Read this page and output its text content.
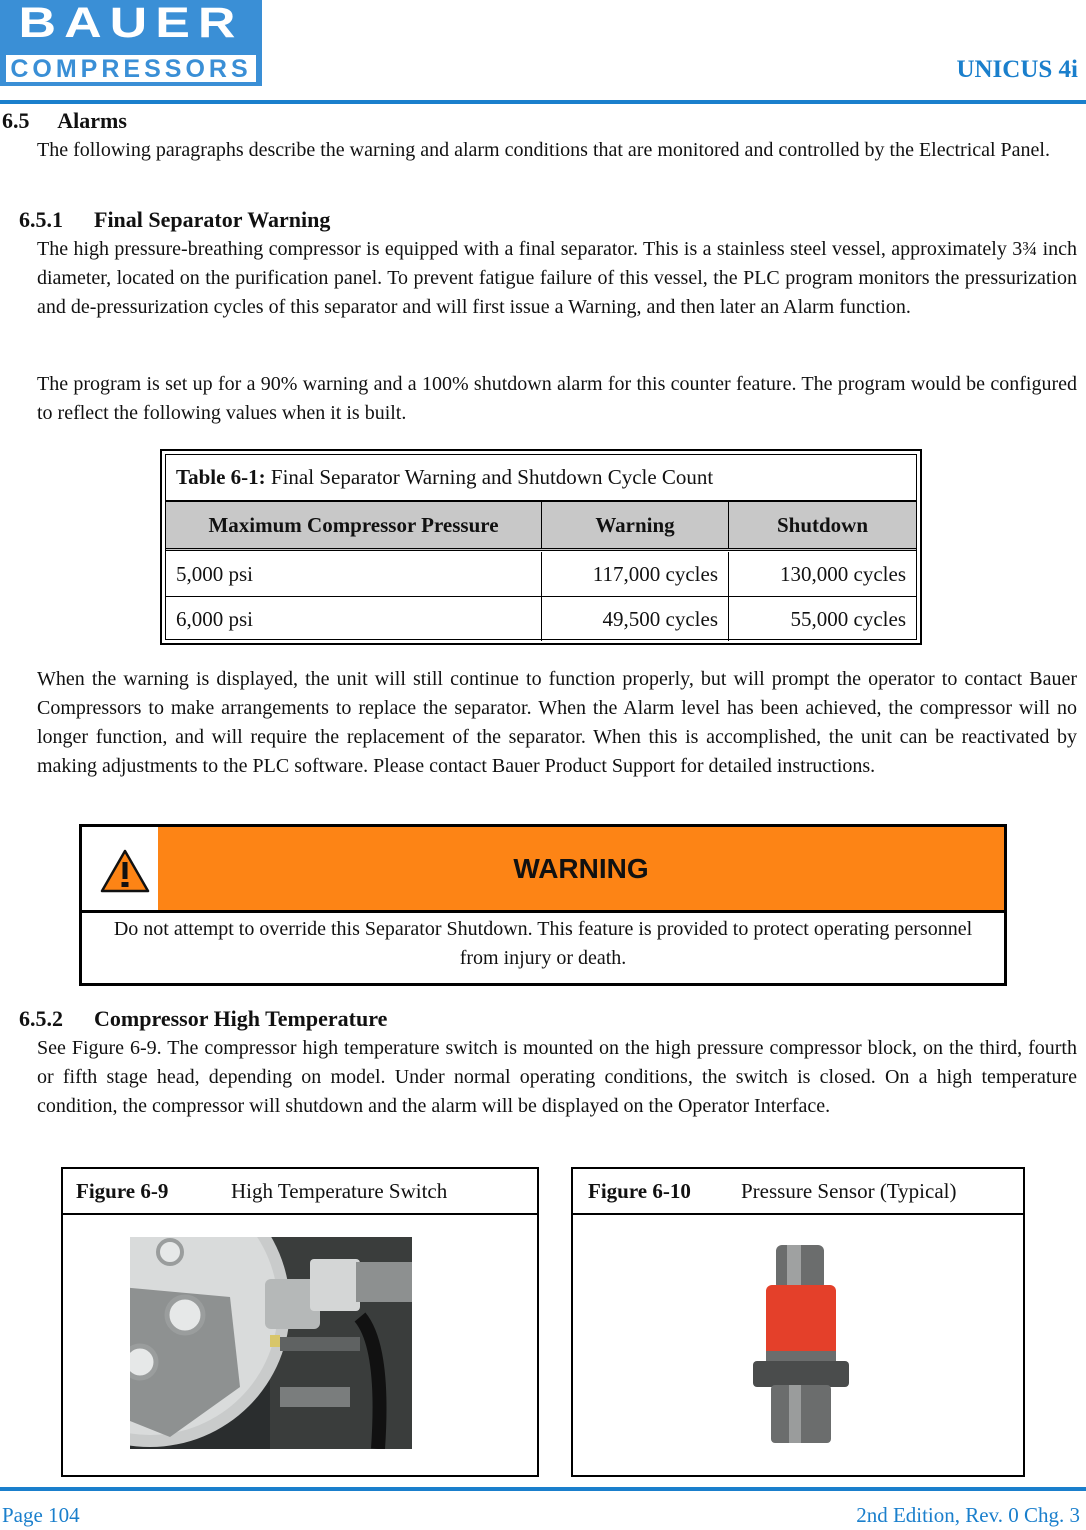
BAUER
COMPRESSORS	UNICUS 4i
6.5 Alarms
The following paragraphs describe the warning and alarm conditions that are monitored and controlled by the Electrical Panel.
6.5.1 Final Separator Warning
The high pressure-breathing compressor is equipped with a final separator. This is a stainless steel vessel, approximately 3¾ inch diameter, located on the purification panel. To prevent fatigue failure of this vessel, the PLC program monitors the pressurization and de-pressurization cycles of this separator and will first issue a Warning, and then later an Alarm function.
The program is set up for a 90% warning and a 100% shutdown alarm for this counter feature. The program would be configured to reflect the following values when it is built.
Table 6-1: Final Separator Warning and Shutdown Cycle Count
Maximum Compressor Pressure	Warning	Shutdown
5,000 psi	117,000 cycles	130,000 cycles
6,000 psi	49,500 cycles	55,000 cycles
When the warning is displayed, the unit will still continue to function properly, but will prompt the operator to contact Bauer Compressors to make arrangements to replace the separator. When the Alarm level has been achieved, the compressor will no longer function, and will require the replacement of the separator. When this is accomplished, the unit can be reactivated by making adjustments to the PLC software. Please contact Bauer Product Support for detailed instructions.
WARNING
Do not attempt to override this Separator Shutdown. This feature is provided to protect operating personnel from injury or death.
6.5.2 Compressor High Temperature
See Figure 6-9. The compressor high temperature switch is mounted on the high pressure compressor block, on the third, fourth or fifth stage head, depending on model. Under normal operating conditions, the switch is closed. On a high temperature condition, the compressor will shutdown and the alarm will be displayed on the Operator Interface.
Figure 6-9	High Temperature Switch	Figure 6-10 Pressure Sensor (Typical)
Page 104	2nd Edition, Rev. 0 Chg. 3
